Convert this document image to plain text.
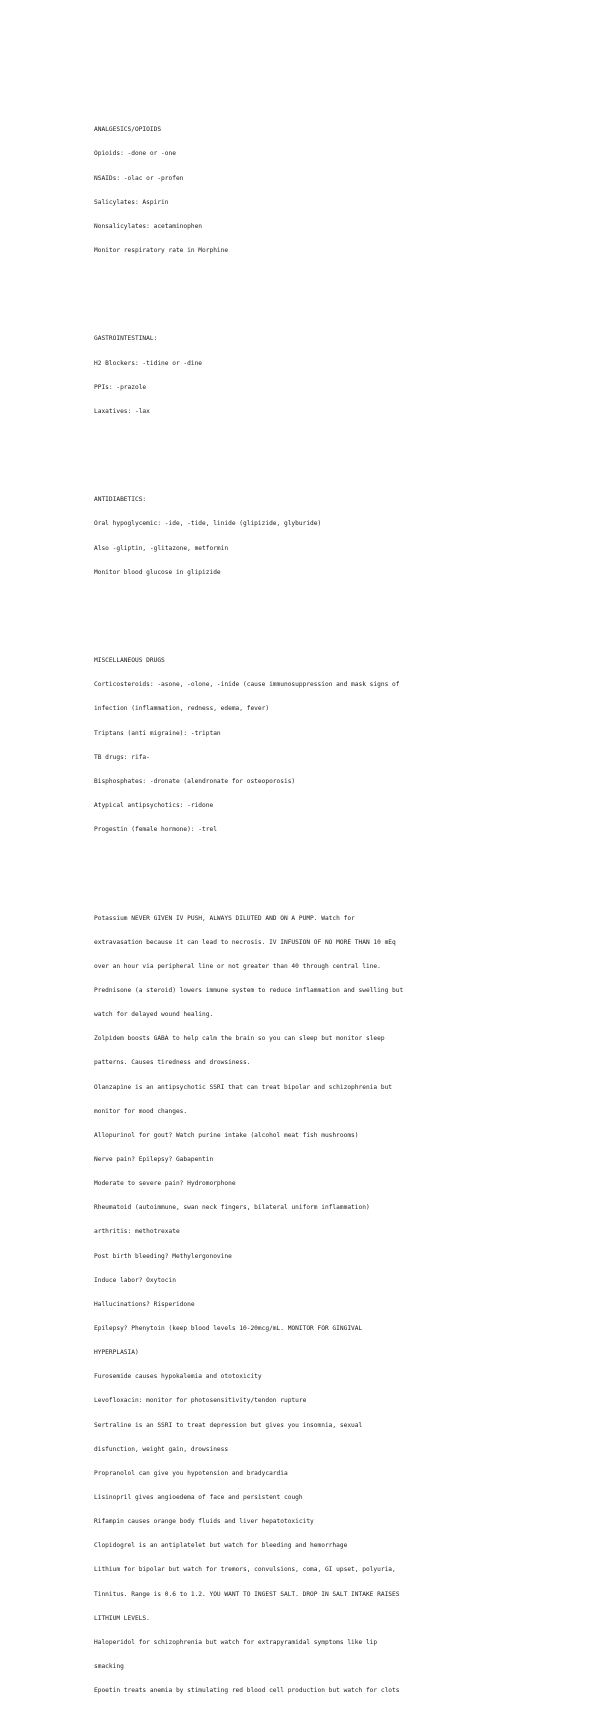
ANALGESICS/OPIOIDS

Opioids: -done or -one

NSAIDs: -olac or -profen

Salicylates: Aspirin

Nonsalicylates: acetaminophen

Monitor respiratory rate in Morphine

GASTROINTESTINAL:

H2 Blockers: -tidine or -dine

PPIs: -prazole

Laxatives: -lax

ANTIDIABETICS:

Oral hypoglycemic: -ide, -tide, linide (glipizide, glyburide)

Also -gliptin, -glitazone, metformin

Monitor blood glucose in glipizide

MISCELLANEOUS DRUGS

Corticosteroids: -asone, -olone, -inide (cause immunosuppression and mask signs of

infection (inflammation, redness, edema, fever)

Triptans (anti migraine): -triptan

TB drugs: rifa-

Bisphosphates: -dronate (alendronate for osteoporosis)

Atypical antipsychotics: -ridone

Progestin (female hormone): -trel

Potassium NEVER GIVEN IV PUSH, ALWAYS DILUTED AND ON A PUMP. Watch for

extravasation because it can lead to necrosis. IV INFUSION OF NO MORE THAN 10 mEq

over an hour via peripheral line or not greater than 40 through central line.

Prednisone (a steroid) lowers immune system to reduce inflammation and swelling but

watch for delayed wound healing.

Zolpidem boosts GABA to help calm the brain so you can sleep but monitor sleep

patterns. Causes tiredness and drowsiness.

Olanzapine is an antipsychotic SSRI that can treat bipolar and schizophrenia but

monitor for mood changes.

Allopurinol for gout? Watch purine intake (alcohol meat fish mushrooms)

Nerve pain? Epilepsy? Gabapentin

Moderate to severe pain? Hydromorphone

Rheumatoid (autoimmune, swan neck fingers, bilateral uniform inflammation)

arthritis: methotrexate

Post birth bleeding? Methylergonovine

Induce labor? Oxytocin

Hallucinations? Risperidone

Epilepsy? Phenytoin (keep blood levels 10-20mcg/mL. MONITOR FOR GINGIVAL

HYPERPLASIA)

Furosemide causes hypokalemia and ototoxicity

Levofloxacin: monitor for photosensitivity/tendon rupture

Sertraline is an SSRI to treat depression but gives you insomnia, sexual

disfunction, weight gain, drowsiness

Propranolol can give you hypotension and bradycardia

Lisinopril gives angioedema of face and persistent cough

Rifampin causes orange body fluids and liver hepatotoxicity

Clopidogrel is an antiplatelet but watch for bleeding and hemorrhage

Lithium for bipolar but watch for tremors, convulsions, coma, GI upset, polyuria,

Tinnitus. Range is 0.6 to 1.2. YOU WANT TO INGEST SALT. DROP IN SALT INTAKE RAISES

LITHIUM LEVELS.

Haloperidol for schizophrenia but watch for extrapyramidal symptoms like lip

smacking

Epoetin treats anemia by stimulating red blood cell production but watch for clots
